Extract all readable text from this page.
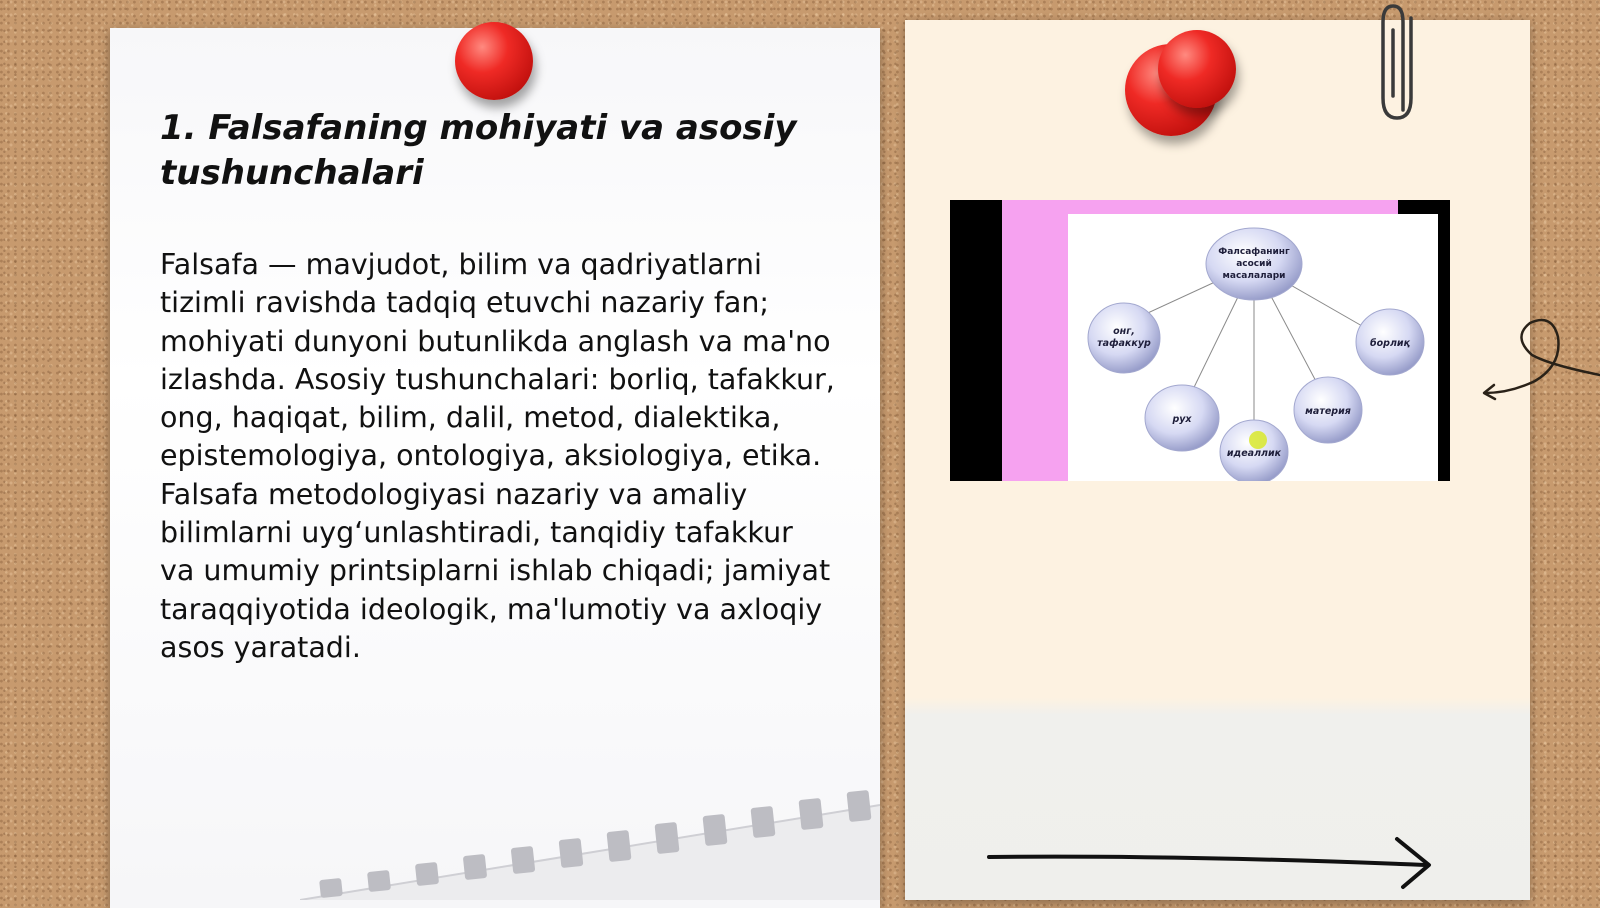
1. Falsafaning mohiyati va asosiy tushunchalari

Falsafa — mavjudot, bilim va qadriyatlarni tizimli ravishda tadqiq etuvchi nazariy fan; mohiyati dunyoni butunlikda anglash va ma'no izlashda. Asosiy tushunchalari: borliq, tafakkur, ong, haqiqat, bilim, dalil, metod, dialektika, epistemologiya, ontologiya, aksiologiya, etika. Falsafa metodologiyasi nazariy va amaliy bilimlarni uyg‘unlashtiradi, tanqidiy tafakkur va umumiy printsiplarni ishlab chiqadi; jamiyat taraqqiyotida ideologik, ma'lumotiy va axloqiy asos yaratadi.

Фалсафанинг
асосий
масалалари
онг,
тафаккур	борлиқ
рух
материя
идеаллик
